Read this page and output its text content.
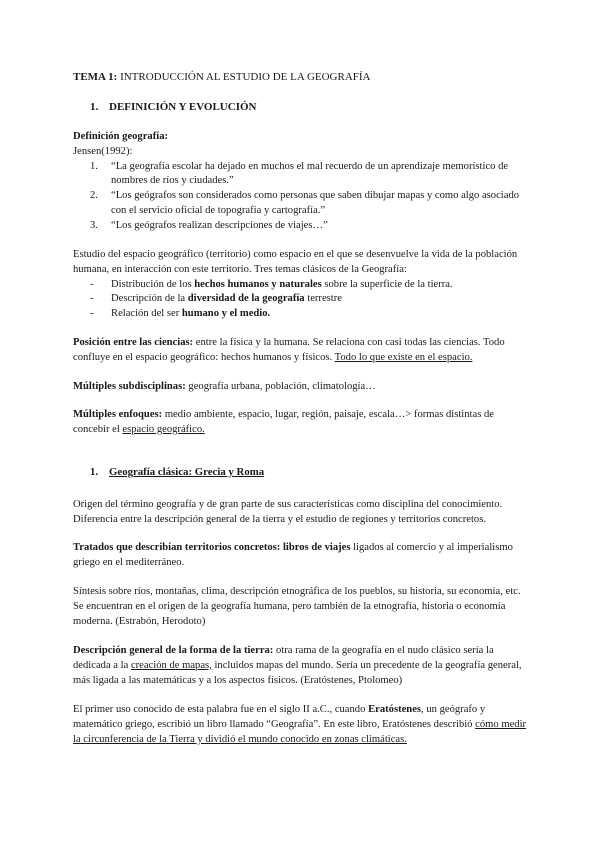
TEMA 1: INTRODUCCIÓN AL ESTUDIO DE LA GEOGRAFÍA
1. DEFINICIÓN Y EVOLUCIÓN
Definición geografía:
Jensen(1992):
1. “La geografía escolar ha dejado en muchos el mal recuerdo de un aprendizaje memorístico de nombres de ríos y ciudades.”
2. “Los geógrafos son considerados como personas que saben dibujar mapas y como algo asociado con el servicio oficial de topografía y cartografía.”
3. “Los geógrafos realizan descripciones de viajes…”

Estudio del espacio geográfico (territorio) como espacio en el que se desenvuelve la vida de la población humana, en interacción con este territorio. Tres temas clásicos de la Geografía:

- Distribución de los hechos humanos y naturales sobre la superficie de la tierra.
- Descripción de la diversidad de la geografía terrestre
- Relación del ser humano y el medio.

Posición entre las ciencias: entre la física y la humana. Se relaciona con casi todas las ciencias. Todo confluye en el espacio geográfico: hechos humanos y físicos. Todo lo que existe en el espacio.

Múltiples subdisciplinas: geografía urbana, población, climatología…

Múltiples enfoques: medio ambiente, espacio, lugar, región, paisaje, escala…> formas distintas de concebir el espacio geográfico.

1. Geografía clásica: Grecia y Roma

Origen del término geografía y de gran parte de sus características como disciplina del conocimiento. Diferencia entre la descripción general de la tierra y el estudio de regiones y territorios concretos.

Tratados que describían territorios concretos: libros de viajes ligados al comercio y al imperialismo griego en el mediterráneo.

Síntesis sobre ríos, montañas, clima, descripción etnográfica de los pueblos, su historia, su economía, etc. Se encuentran en el origen de la geografía humana, pero también de la etnografía, historia o economía moderna. (Estrabón, Herodoto)

Descripción general de la forma de la tierra: otra rama de la geografía en el nudo clásico sería la dedicada a la creación de mapas, incluidos mapas del mundo. Sería un precedente de la geografía general, más ligada a las matemáticas y a los aspectos físicos. (Eratóstenes, Ptolomeo)

El primer uso conocido de esta palabra fue en el siglo II a.C., cuando Eratóstenes, un geógrafo y matemático griego, escribió un libro llamado “Geografía”. En este libro, Eratóstenes describió cómo medir la circunferencia de la Tierra y dividió el mundo conocido en zonas climáticas.
